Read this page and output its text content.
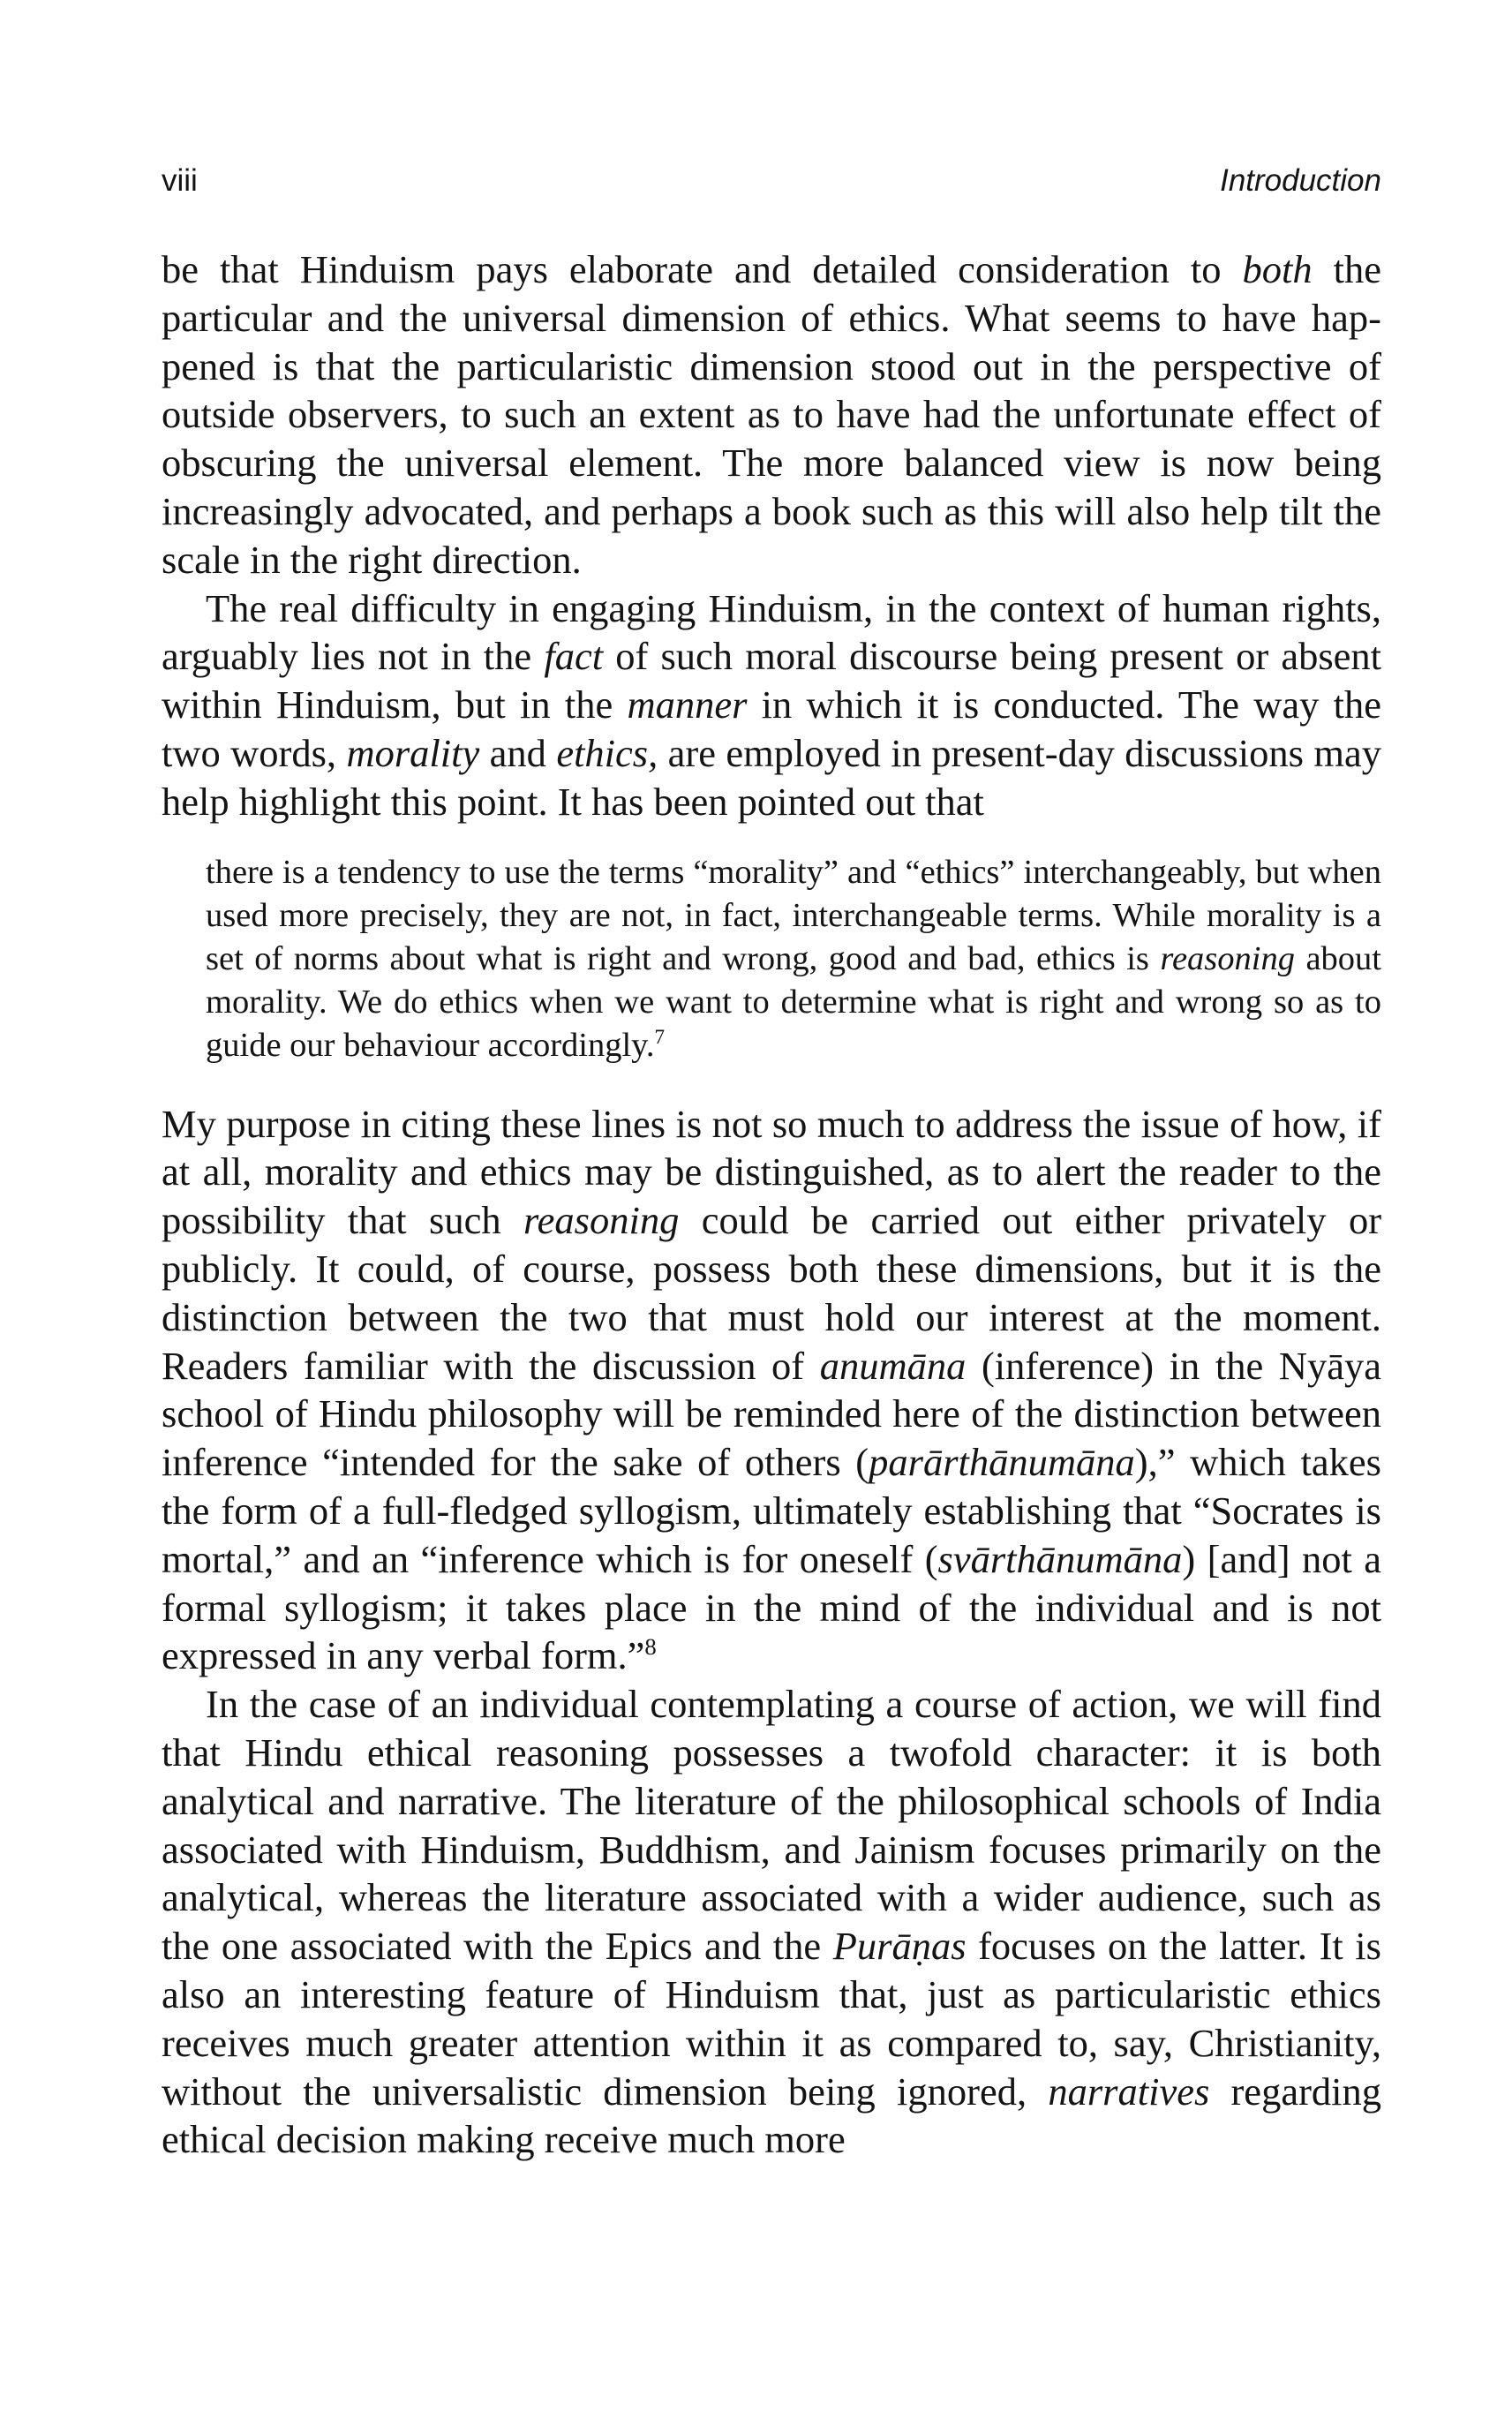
viii	Introduction

be that Hinduism pays elaborate and detailed consideration to both the particular and the universal dimension of ethics. What seems to have happened is that the particularistic dimension stood out in the perspective of outside observers, to such an extent as to have had the unfortunate effect of obscuring the universal element. The more balanced view is now being increasingly advocated, and perhaps a book such as this will also help tilt the scale in the right direction.

The real difficulty in engaging Hinduism, in the context of human rights, arguably lies not in the fact of such moral discourse being present or absent within Hinduism, but in the manner in which it is conducted. The way the two words, morality and ethics, are employed in present-day discussions may help highlight this point. It has been pointed out that

there is a tendency to use the terms “morality” and “ethics” interchangeably, but when used more precisely, they are not, in fact, interchangeable terms. While morality is a set of norms about what is right and wrong, good and bad, ethics is reasoning about morality. We do ethics when we want to determine what is right and wrong so as to guide our behaviour accordingly.$^7$

My purpose in citing these lines is not so much to address the issue of how, if at all, morality and ethics may be distinguished, as to alert the reader to the possibility that such reasoning could be carried out either privately or publicly. It could, of course, possess both these dimensions, but it is the distinction between the two that must hold our interest at the moment. Readers familiar with the discussion of anumāna (inference) in the Nyāya school of Hindu philosophy will be reminded here of the distinction between inference “intended for the sake of others (parārthānumāna),” which takes the form of a full-fledged syllogism, ultimately establishing that “Socrates is mortal,” and an “inference which is for oneself (svārthānumāna) [and] not a formal syllogism; it takes place in the mind of the individual and is not expressed in any verbal form.”$^8$

In the case of an individual contemplating a course of action, we will find that Hindu ethical reasoning possesses a twofold character: it is both analytical and narrative. The literature of the philosophical schools of India associated with Hinduism, Buddhism, and Jainism focuses primarily on the analytical, whereas the literature associated with a wider audience, such as the one associated with the Epics and the Purāṇas focuses on the latter. It is also an interesting feature of Hinduism that, just as particularistic ethics receives much greater attention within it as compared to, say, Christianity, without the universalistic dimension being ignored, narratives regarding ethical decision making receive much more
